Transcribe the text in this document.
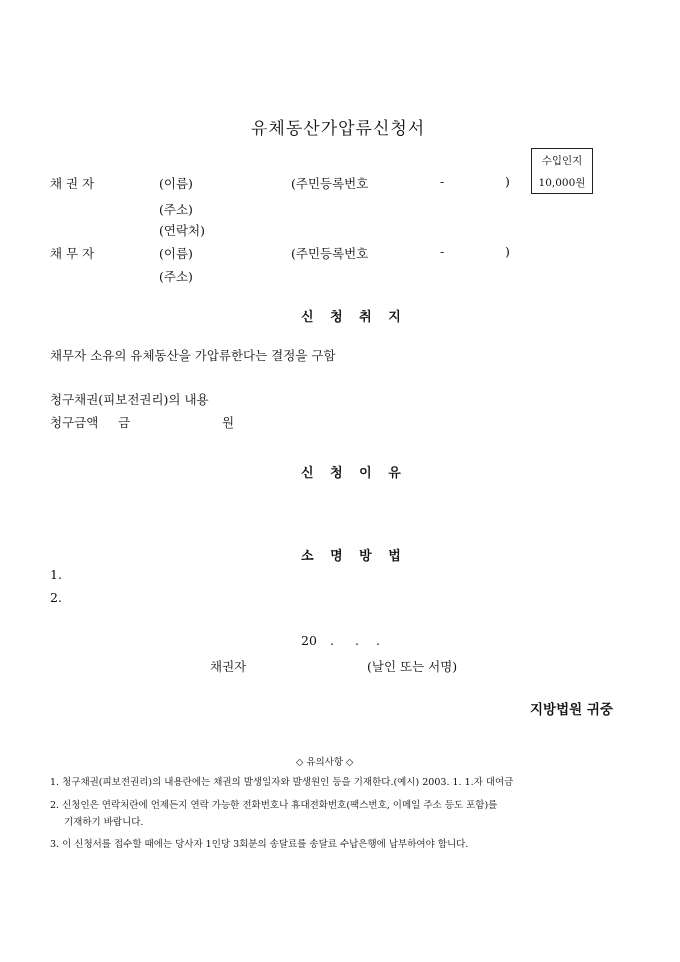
유체동산가압류신청서
수입인지
10,000원
채 권 자	(이름)	(주민등록번호	-	)
(주소)
(연락처)
채 무 자	(이름)	(주민등록번호	-	)
(주소)
신 청 취 지
채무자 소유의 유체동산을 가압류한다는 결정을 구함
청구채권(피보전권리)의 내용
청구금액 금	원
신 청 이 유
소 명 방 법
1.
2.
20 . . .
채권자	(날인 또는 서명)
지방법원 귀중
◇ 유의사항 ◇
1. 청구채권(피보전권리)의 내용란에는 채권의 발생일자와 발생원인 등을 기재한다.(예시) 2003. 1. 1.자 대여금
2. 신청인은 연락처란에 언제든지 연락 가능한 전화번호나 휴대전화번호(팩스번호, 이메일 주소 등도 포함)를
기재하기 바랍니다.
3. 이 신청서를 접수할 때에는 당사자 1인당 3회분의 송달료를 송달료 수납은행에 납부하여야 합니다.
